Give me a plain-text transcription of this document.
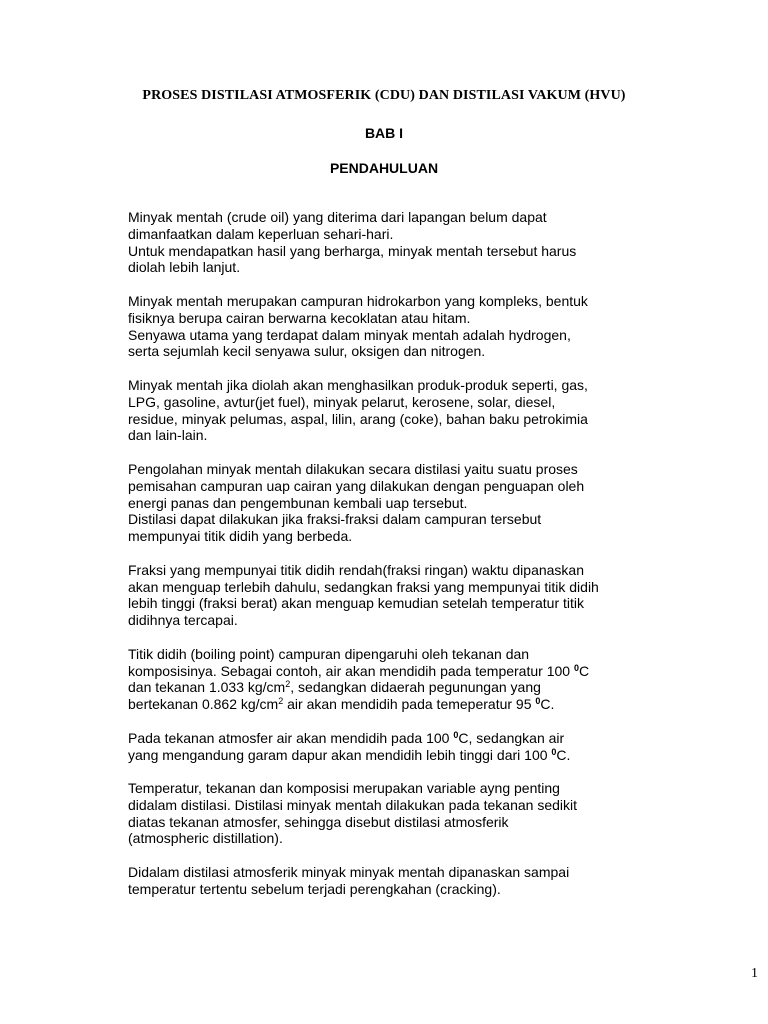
PROSES DISTILASI ATMOSFERIK (CDU) DAN DISTILASI VAKUM (HVU)
BAB I
PENDAHULUAN

Minyak mentah (crude oil) yang diterima dari lapangan belum dapat
dimanfaatkan dalam keperluan sehari-hari.
Untuk mendapatkan hasil yang berharga, minyak mentah tersebut harus
diolah lebih lanjut.

Minyak mentah merupakan campuran hidrokarbon yang kompleks, bentuk
fisiknya berupa cairan berwarna kecoklatan atau hitam.
Senyawa utama yang terdapat dalam minyak mentah adalah hydrogen,
serta sejumlah kecil senyawa sulur, oksigen dan nitrogen.

Minyak mentah jika diolah akan menghasilkan produk-produk seperti, gas,
LPG, gasoline, avtur(jet fuel), minyak pelarut, kerosene, solar, diesel,
residue, minyak pelumas, aspal, lilin, arang (coke), bahan baku petrokimia
dan lain-lain.

Pengolahan minyak mentah dilakukan secara distilasi yaitu suatu proses
pemisahan campuran uap cairan yang dilakukan dengan penguapan oleh
energi panas dan pengembunan kembali uap tersebut.
Distilasi dapat dilakukan jika fraksi-fraksi dalam campuran tersebut
mempunyai titik didih yang berbeda.

Fraksi yang mempunyai titik didih rendah(fraksi ringan) waktu dipanaskan
akan menguap terlebih dahulu, sedangkan fraksi yang mempunyai titik didih
lebih tinggi (fraksi berat) akan menguap kemudian setelah temperatur titik
didihnya tercapai.

Titik didih (boiling point) campuran dipengaruhi oleh tekanan dan
komposisinya. Sebagai contoh, air akan mendidih pada temperatur 100 $^0$C
dan tekanan 1.033 $kg/cm^2$, sedangkan didaerah pegunungan yang
bertekanan 0.862 $kg/cm^2$ air akan mendidih pada temeperatur 95 $^0$C.

Pada tekanan atmosfer air akan mendidih pada 100 $^0$C, sedangkan air
yang mengandung garam dapur akan mendidih lebih tinggi dari 100 $^0$C.

Temperatur, tekanan dan komposisi merupakan variable ayng penting
didalam distilasi. Distilasi minyak mentah dilakukan pada tekanan sedikit
diatas tekanan atmosfer, sehingga disebut distilasi atmosferik
(atmospheric distillation).

Didalam distilasi atmosferik minyak minyak mentah dipanaskan sampai
temperatur tertentu sebelum terjadi perengkahan (cracking).

1
